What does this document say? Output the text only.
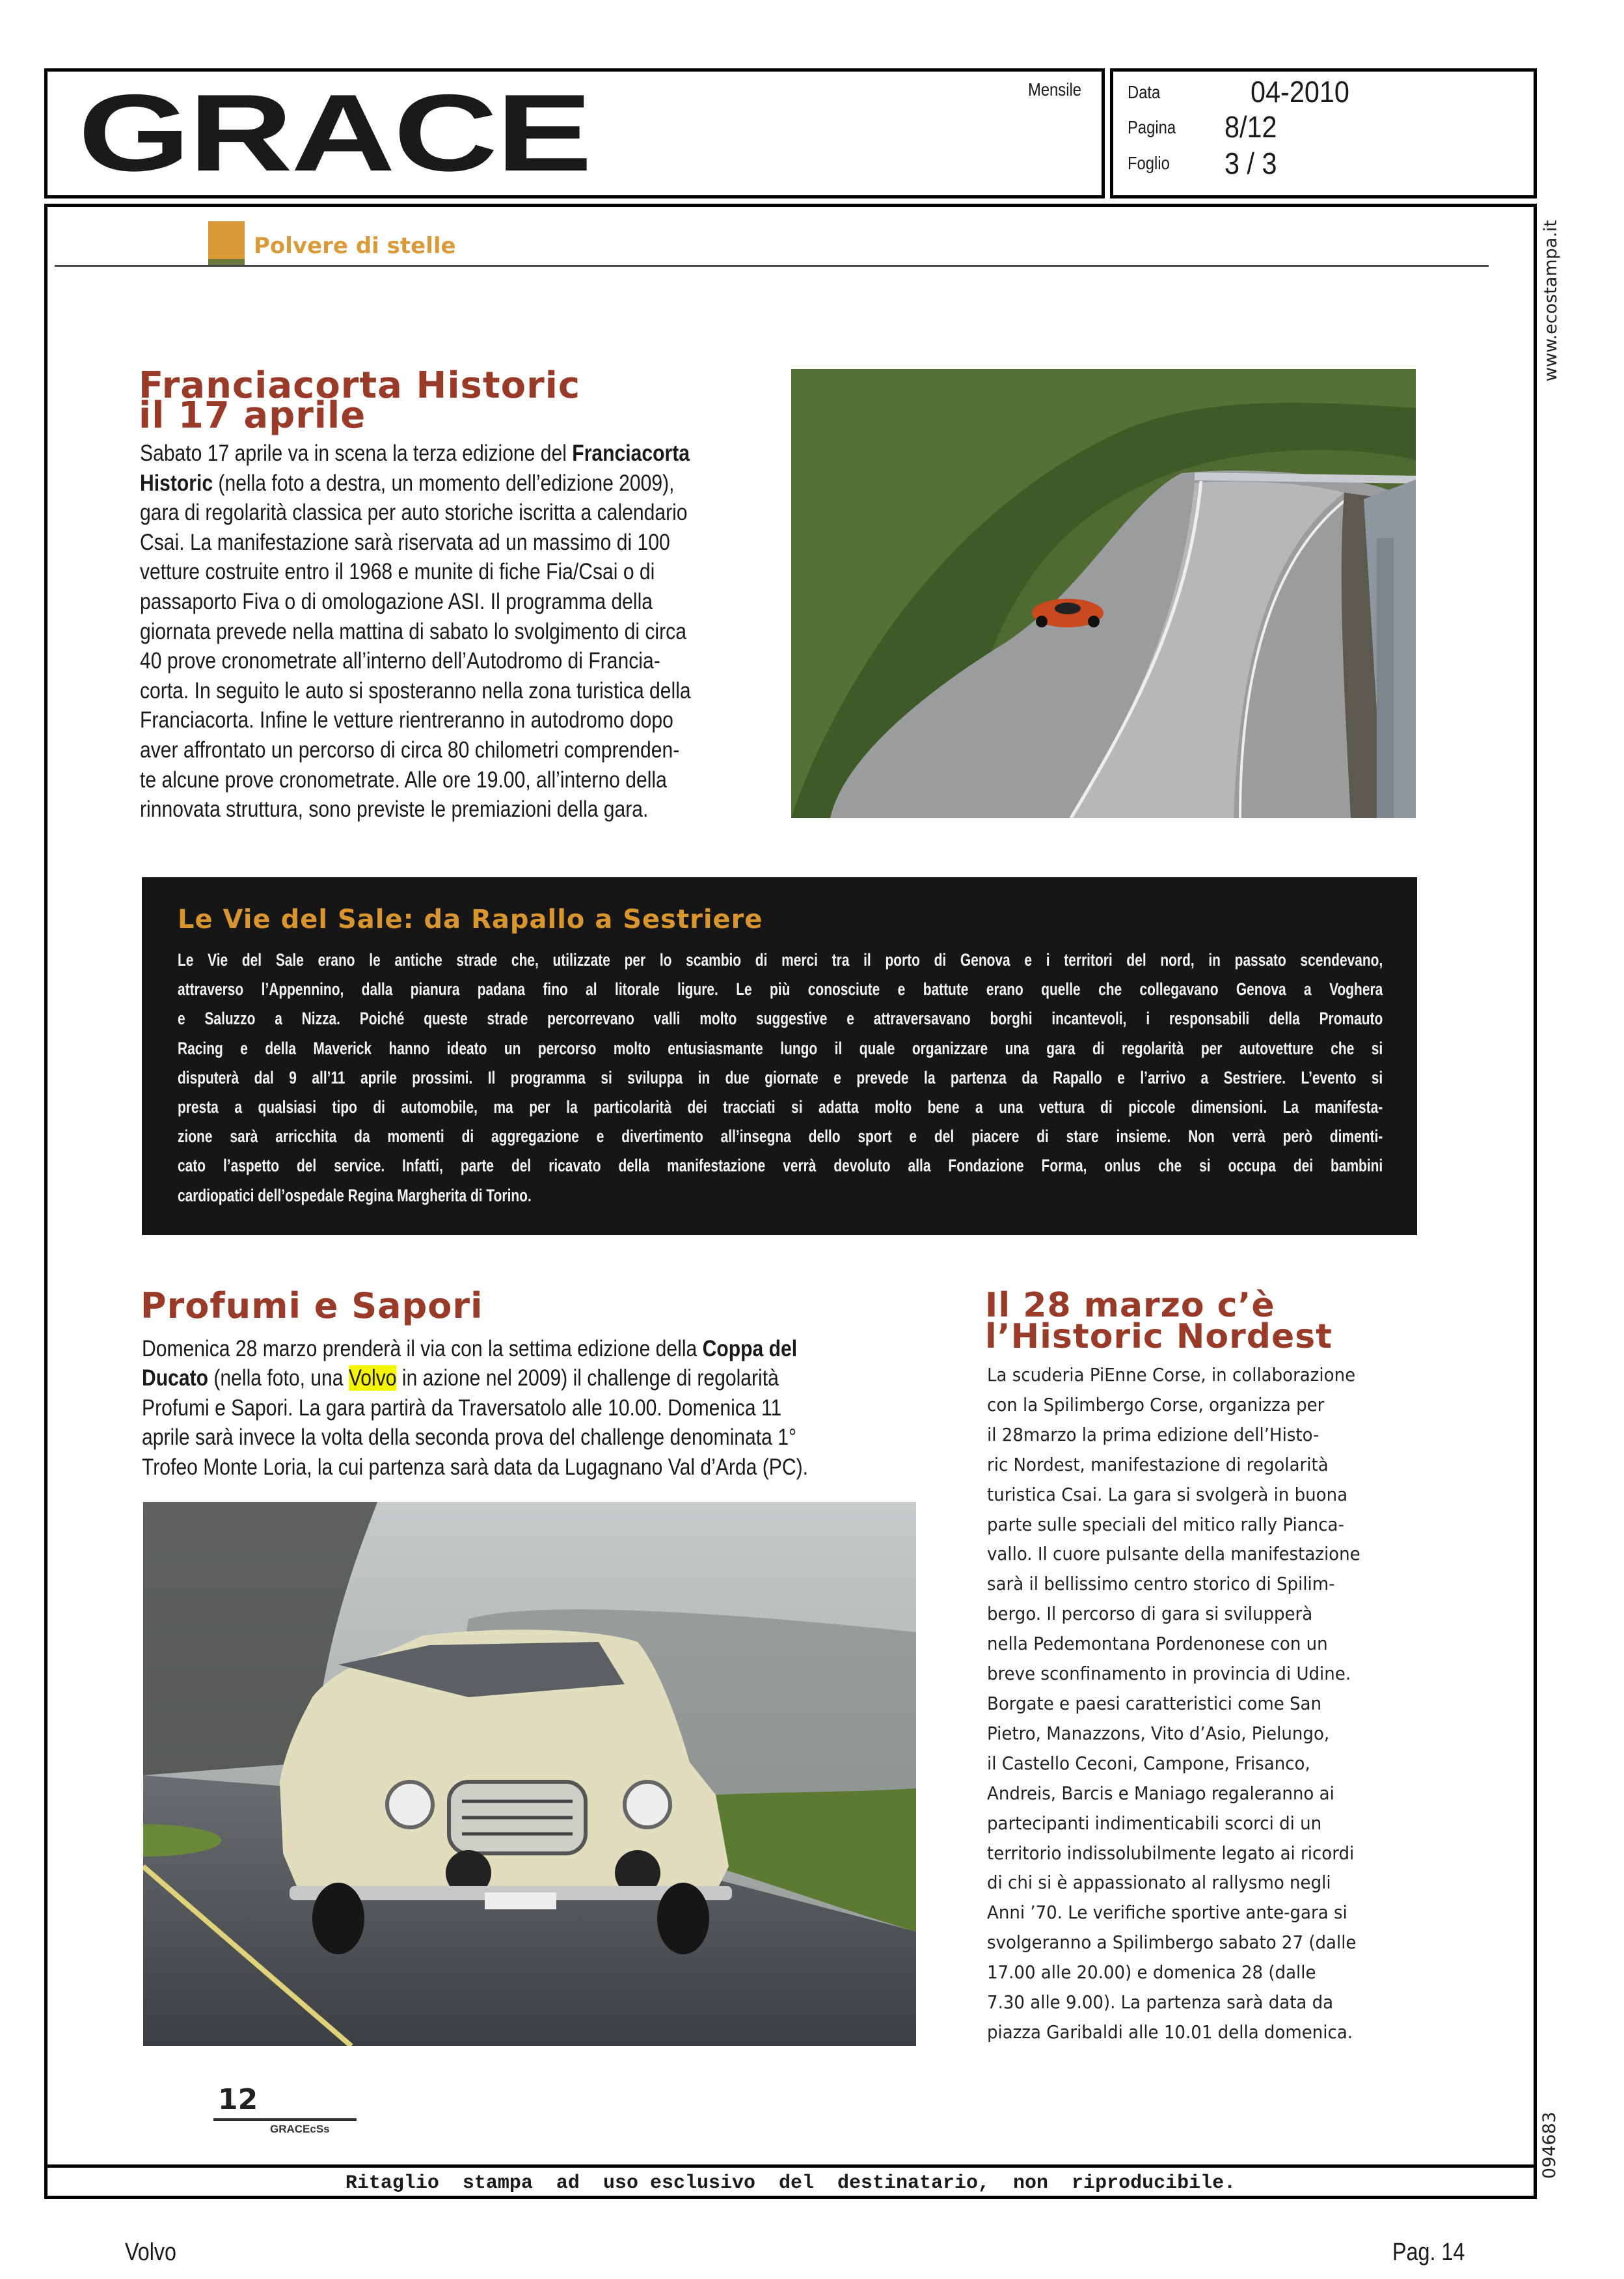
GRACE	Mensile	Data	04-2010
Pagina 8/12
Foglio 3 / 3
Ritaglio  stampa  ad  uso esclusivo  del  destinatario,  non  riproducibile.
www.ecostampa.it
094683
Polvere di stelle
Franciacorta Historic
il 17 aprile
Sabato 17 aprile va in scena la terza edizione del Franciacorta
Historic (nella foto a destra, un momento dell’edizione 2009),
gara di regolarità classica per auto storiche iscritta a calendario
Csai. La manifestazione sarà riservata ad un massimo di 100
vetture costruite entro il 1968 e munite di fiche Fia/Csai o di
passaporto Fiva o di omologazione ASI. Il programma della
giornata prevede nella mattina di sabato lo svolgimento di circa
40 prove cronometrate all’interno dell’Autodromo di Francia-
corta. In seguito le auto si sposteranno nella zona turistica della
Franciacorta. Infine le vetture rientreranno in autodromo dopo
aver affrontato un percorso di circa 80 chilometri comprenden-
te alcune prove cronometrate. Alle ore 19.00, all’interno della
rinnovata struttura, sono previste le premiazioni della gara.
Le Vie del Sale: da Rapallo a Sestriere
Le Vie del Sale erano le antiche strade che, utilizzate per lo scambio di merci tra il porto di Genova e i territori del nord, in passato scendevano,
attraverso l’Appennino, dalla pianura padana fino al litorale ligure. Le più conosciute e battute erano quelle che collegavano Genova a Voghera
e Saluzzo a Nizza. Poiché queste strade percorrevano valli molto suggestive e attraversavano borghi incantevoli, i responsabili della Promauto
Racing e della Maverick hanno ideato un percorso molto entusiasmante lungo il quale organizzare una gara di regolarità per autovetture che si
disputerà dal 9 all’11 aprile prossimi. Il programma si sviluppa in due giornate e prevede la partenza da Rapallo e l’arrivo a Sestriere. L’evento si
presta a qualsiasi tipo di automobile, ma per la particolarità dei tracciati si adatta molto bene a una vettura di piccole dimensioni. La manifesta-
zione sarà arricchita da momenti di aggregazione e divertimento all’insegna dello sport e del piacere di stare insieme. Non verrà però dimenti-
cato l’aspetto del service. Infatti, parte del ricavato della manifestazione verrà devoluto alla Fondazione Forma, onlus che si occupa dei bambini
cardiopatici dell’ospedale Regina Margherita di Torino.
Profumi e Sapori
Domenica 28 marzo prenderà il via con la settima edizione della Coppa del
Ducato (nella foto, una Volvo in azione nel 2009) il challenge di regolarità
Profumi e Sapori. La gara partirà da Traversatolo alle 10.00. Domenica 11
aprile sarà invece la volta della seconda prova del challenge denominata 1°
Trofeo Monte Loria, la cui partenza sarà data da Lugagnano Val d’Arda (PC).
Il 28 marzo c’è
l’Historic Nordest
La scuderia PiEnne Corse, in collaborazione
con la Spilimbergo Corse, organizza per
il 28marzo la prima edizione dell’Histo-
ric Nordest, manifestazione di regolarità
turistica Csai. La gara si svolgerà in buona
parte sulle speciali del mitico rally Pianca-
vallo. Il cuore pulsante della manifestazione
sarà il bellissimo centro storico di Spilim-
bergo. Il percorso di gara si svilupperà
nella Pedemontana Pordenonese con un
breve sconfinamento in provincia di Udine.
Borgate e paesi caratteristici come San
Pietro, Manazzons, Vito d’Asio, Pielungo,
il Castello Ceconi, Campone, Frisanco,
Andreis, Barcis e Maniago regaleranno ai
partecipanti indimenticabili scorci di un
territorio indissolubilmente legato ai ricordi
di chi si è appassionato al rallysmo negli
Anni ’70. Le verifiche sportive ante-gara si
svolgeranno a Spilimbergo sabato 27 (dalle
17.00 alle 20.00) e domenica 28 (dalle
7.30 alle 9.00). La partenza sarà data da
piazza Garibaldi alle 10.01 della domenica.
12
GRACEcSs
Volvo	Pag. 14
